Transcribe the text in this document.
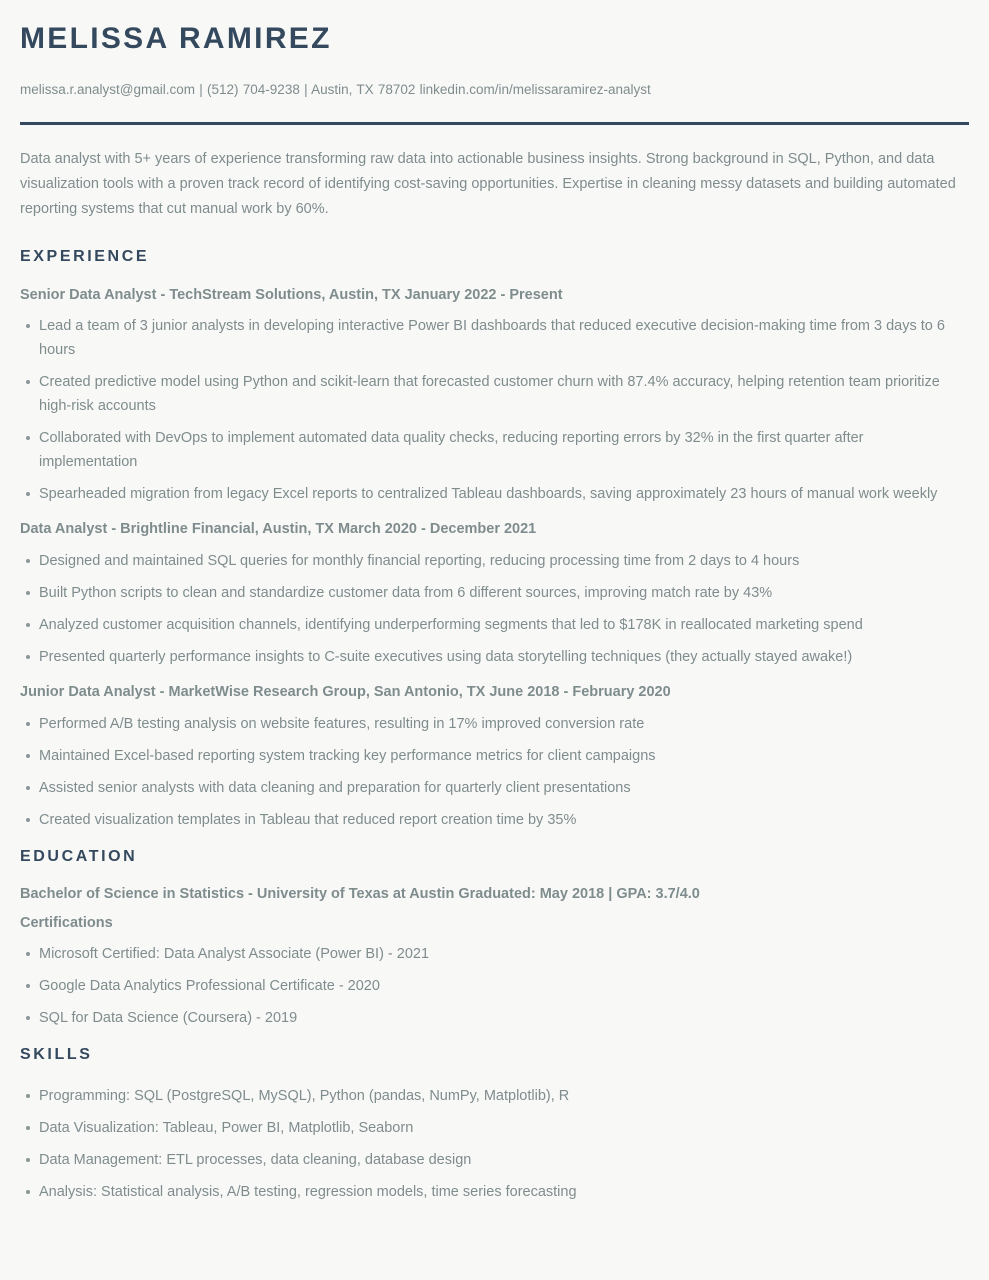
MELISSA RAMIREZ
melissa.r.analyst@gmail.com | (512) 704-9238 | Austin, TX 78702 linkedin.com/in/melissaramirez-analyst

Data analyst with 5+ years of experience transforming raw data into actionable business insights. Strong background in SQL, Python, and data visualization tools with a proven track record of identifying cost-saving opportunities. Expertise in cleaning messy datasets and building automated reporting systems that cut manual work by 60%.

EXPERIENCE
Senior Data Analyst - TechStream Solutions, Austin, TX January 2022 - Present
Lead a team of 3 junior analysts in developing interactive Power BI dashboards that reduced executive decision-making time from 3 days to 6 hours
Created predictive model using Python and scikit-learn that forecasted customer churn with 87.4% accuracy, helping retention team prioritize high-risk accounts
Collaborated with DevOps to implement automated data quality checks, reducing reporting errors by 32% in the first quarter after implementation
Spearheaded migration from legacy Excel reports to centralized Tableau dashboards, saving approximately 23 hours of manual work weekly
Data Analyst - Brightline Financial, Austin, TX March 2020 - December 2021
Designed and maintained SQL queries for monthly financial reporting, reducing processing time from 2 days to 4 hours
Built Python scripts to clean and standardize customer data from 6 different sources, improving match rate by 43%
Analyzed customer acquisition channels, identifying underperforming segments that led to $178K in reallocated marketing spend
Presented quarterly performance insights to C-suite executives using data storytelling techniques (they actually stayed awake!)
Junior Data Analyst - MarketWise Research Group, San Antonio, TX June 2018 - February 2020
Performed A/B testing analysis on website features, resulting in 17% improved conversion rate
Maintained Excel-based reporting system tracking key performance metrics for client campaigns
Assisted senior analysts with data cleaning and preparation for quarterly client presentations
Created visualization templates in Tableau that reduced report creation time by 35%
EDUCATION
Bachelor of Science in Statistics - University of Texas at Austin Graduated: May 2018 | GPA: 3.7/4.0
Certifications
Microsoft Certified: Data Analyst Associate (Power BI) - 2021
Google Data Analytics Professional Certificate - 2020
SQL for Data Science (Coursera) - 2019
SKILLS
Programming: SQL (PostgreSQL, MySQL), Python (pandas, NumPy, Matplotlib), R
Data Visualization: Tableau, Power BI, Matplotlib, Seaborn
Data Management: ETL processes, data cleaning, database design
Analysis: Statistical analysis, A/B testing, regression models, time series forecasting
